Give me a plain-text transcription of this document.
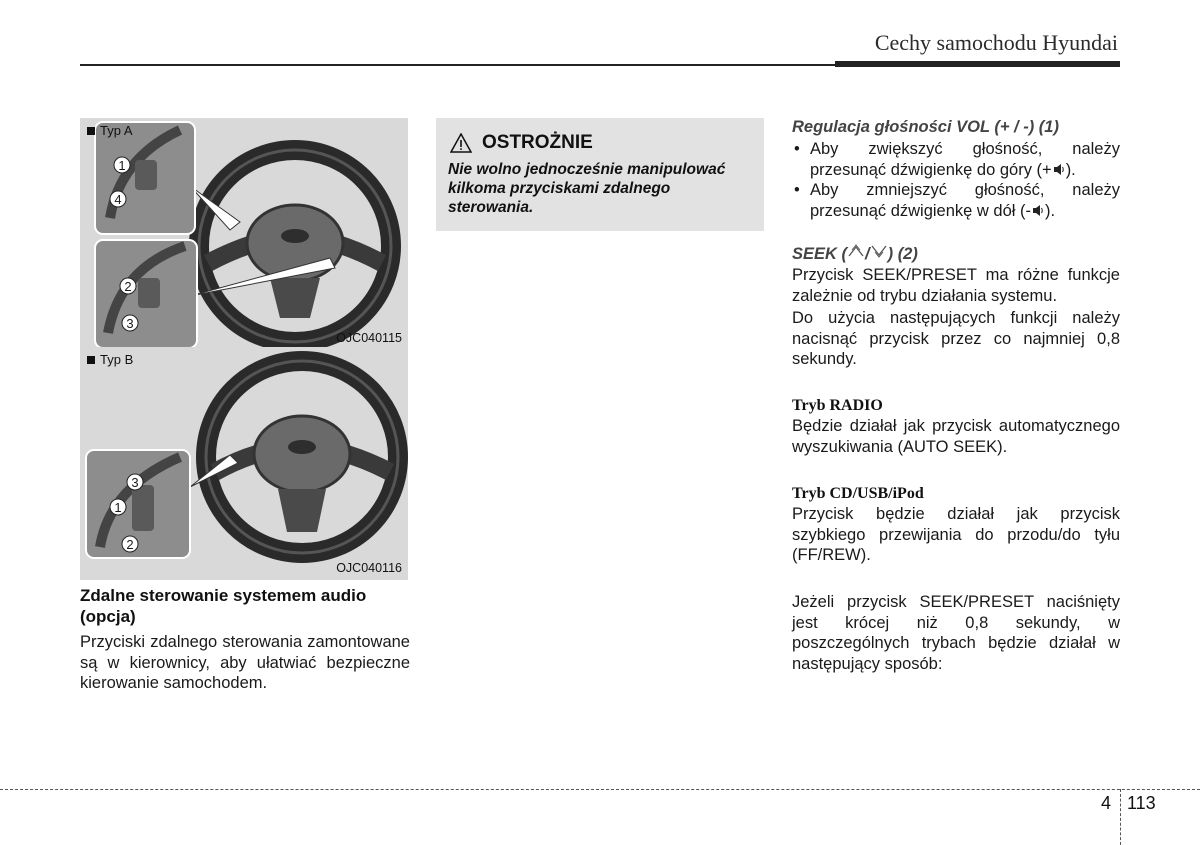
Cechy samochodu Hyundai
Typ A
1
4
2
3
OJC040115
Typ B
3
1
2
OJC040116
Zdalne sterowanie systemem audio (opcja)
Przyciski zdalnego sterowania zamontowane są w kierownicy, aby ułatwiać bezpieczne kierowanie samochodem.
OSTROŻNIE
Nie wolno jednocześnie manipulować kilkoma przyciskami zdalnego sterowania.
Regulacja głośności VOL (+ / -) (1)
• Aby zwiększyć głośność, należy przesunąć dźwigienkę do góry (+ ).
• Aby zmniejszyć głośność, należy przesunąć dźwigienkę w dół (- ).
SEEK ( / ) (2)
Przycisk SEEK/PRESET ma różne funkcje zależnie od trybu działania systemu.
Do użycia następujących funkcji należy nacisnąć przycisk przez co najmniej 0,8 sekundy.
Tryb RADIO
Będzie działał jak przycisk automatycznego wyszukiwania (AUTO SEEK).
Tryb CD/USB/iPod
Przycisk będzie działał jak przycisk szybkiego przewijania do przodu/do tyłu (FF/REW).
Jeżeli przycisk SEEK/PRESET naciśnięty jest krócej niż 0,8 sekundy, w poszczególnych trybach będzie działał w następujący sposób:
4 113
